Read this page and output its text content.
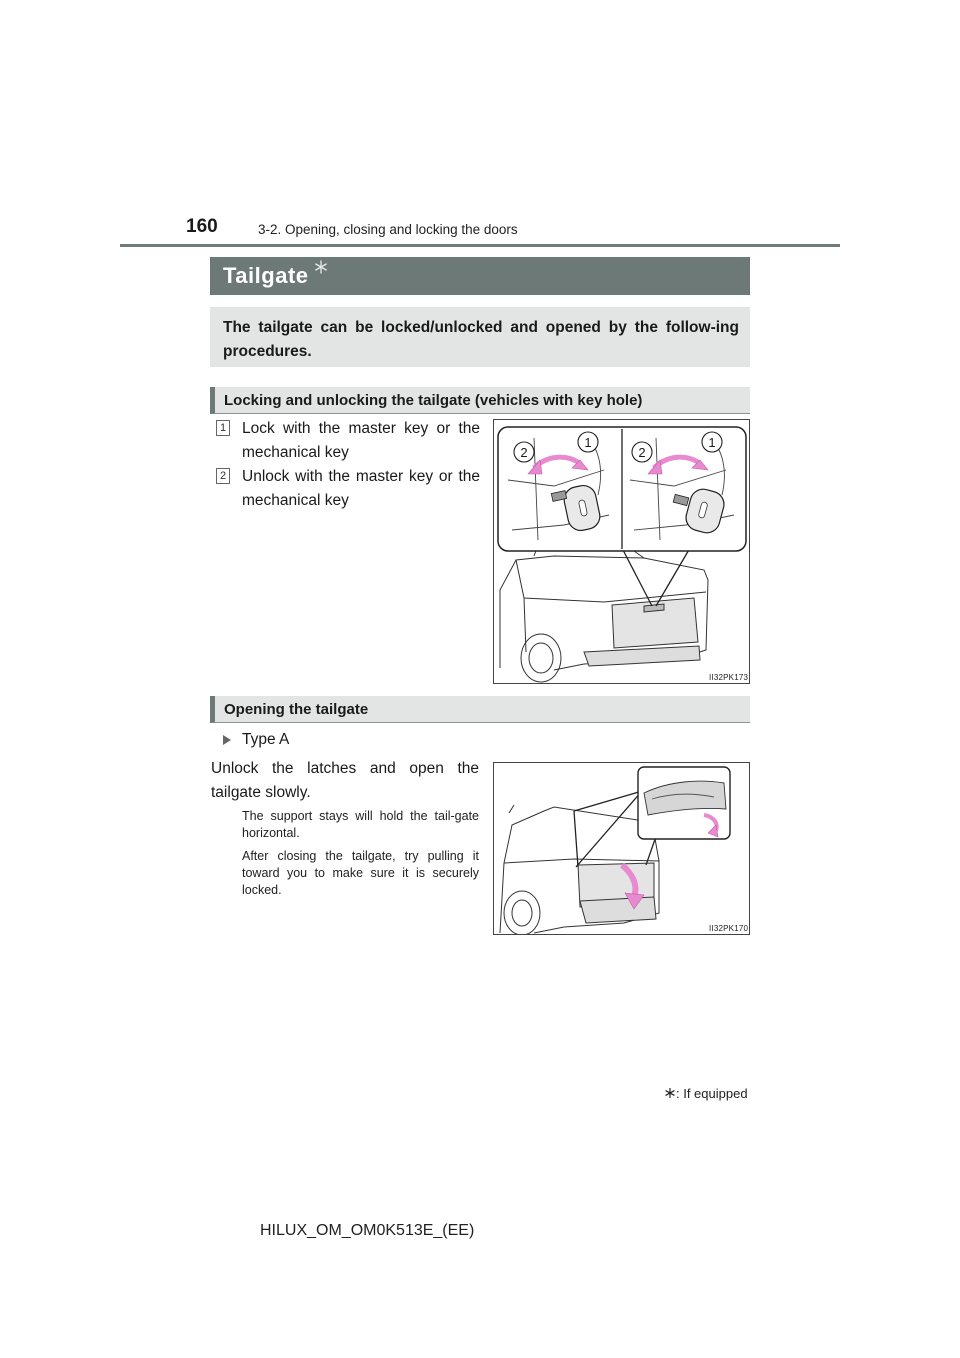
160	3-2. Opening, closing and locking the doors
Tailgate
The tailgate can be locked/unlocked and opened by the follow-ing procedures.
Locking and unlocking the tailgate (vehicles with key hole)
1 Lock with the master key or the mechanical key
2 Unlock with the master key or the mechanical key
2
1
2
1
II32PK173
Opening the tailgate
Type A
Unlock the latches and open the tailgate slowly.
The support stays will hold the tail-gate horizontal.
After closing the tailgate, try pulling it toward you to make sure it is securely locked.
II32PK170
: If equipped
HILUX_OM_OM0K513E_(EE)
